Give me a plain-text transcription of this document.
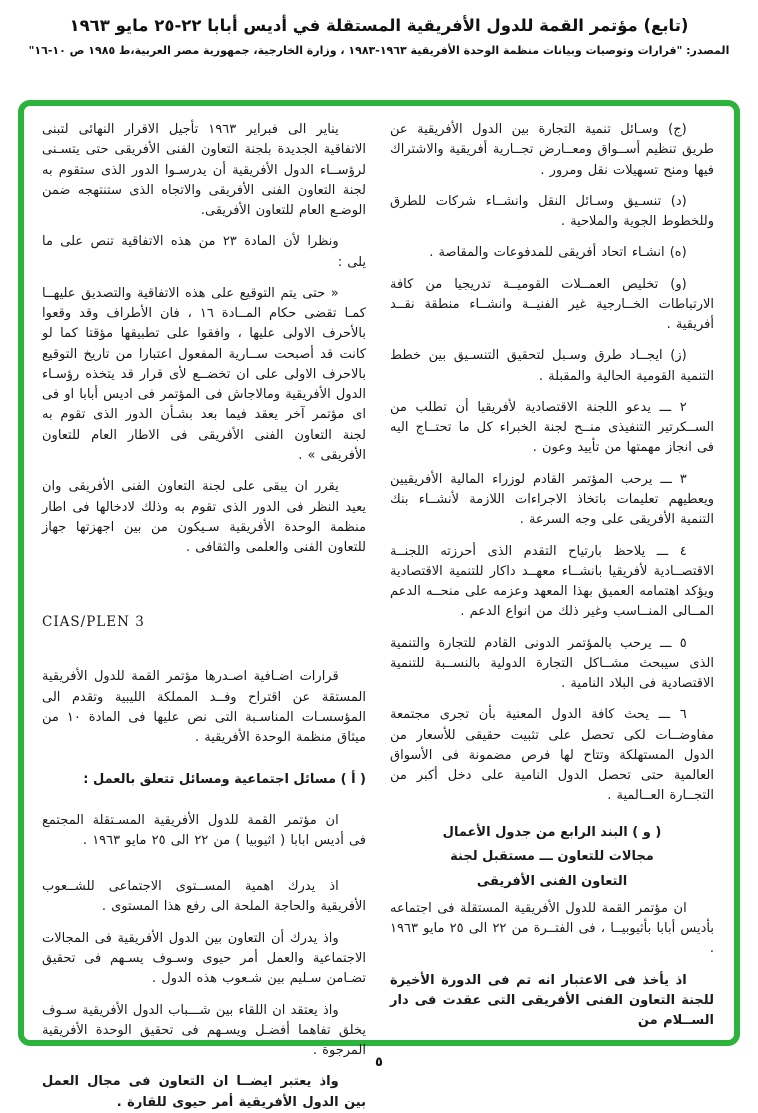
(تابع) مؤتمر القمة للدول الأفريقية المستقلة في أديس أبابا ٢٢-٢٥ مايو ١٩٦٣
المصدر: "قرارات وتوصيات وبيانات منظمة الوحدة الأفريقية ١٩٦٣-١٩٨٣ ، وزارة الخارجية، جمهورية مصر العربية،ط ١٩٨٥ ص ١٠-١٦"

(ج) وسـائل تنمية التجارة بين الدول الأفريقية عن طريق تنظيم أســواق ومعــارض تجــارية أفريقية والاشتراك فيها ومنح تسهيلات نقل ومرور .

(د) تنسـيق وسـائل النقل وانشــاء شركات للطرق وللخطوط الجوية والملاحية .

(ه) انشـاء اتحاد أفريقى للمدفوعات والمقاصة .

(و) تخليص العمــلات القوميــة تدريجيا من كافة الارتباطات الخــارجية غير الفنيــة وانشــاء منطقة نقــد أفريقية .

(ز) ايجــاد طرق وسـبل لتحقيق التنسـيق بين خطط التنمية القومية الحالية والمقبلة .

٢ ـــ يدعو اللجنة الاقتصادية لأفريقيا أن تطلب من الســكرتير التنفيذى منــح لجنة الخبراء كل ما تحتــاج اليه فى انجاز مهمتها من تأييد وعون .

٣ ـــ يرحب المؤتمر القادم لوزراء المالية الأفريقيين ويعطيهم تعليمات باتخاذ الاجراءات اللازمة لأنشــاء بنك التنمية الأفريقى على وجه السرعة .

٤ ـــ يلاحظ بارتياح التقدم الذى أحرزته اللجنــة الاقتصــادية لأفريقيا بانشــاء معهــد داكار للتنمية الاقتصادية ويؤكد اهتمامه العميق بهذا المعهد وعزمه على منحــه الدعم المــالى المنــاسب وغير ذلك من انواع الدعم .

٥ ـــ يرحب بالمؤتمر الدونى القادم للتجارة والتنمية الذى سيبحث مشــاكل التجارة الدولية بالنســبة للتنمية الاقتصادية فى البلاد النامية .

٦ ـــ يحث كافة الدول المعنية بأن تجرى مجتمعة مفاوضــات لكى تحصل على تثبيت حقيقى للأسعار من الدول المستهلكة وتتاح لها فرص مضمونة فى الأسواق العالمية حتى تحصل الدول النامية على دخل أكبر من التجــارة العــالمية .

( و ) البند الرابع من جدول الأعمال
مجالات للتعاون ـــ مستقبل لجنة
التعاون الفنى الأفريقى

ان مؤتمر القمة للدول الأفريقية المستقلة فى اجتماعه بأديس أبابا بأثيوبيــا ، فى الفتــرة من ٢٢ الى ٢٥ مايو ١٩٦٣ .

اذ يأخذ فى الاعتبار انه تم فى الدورة الأخيرة للجنة التعاون الفنى الأفريقى التى عقدت فى دار الســلام من

يناير الى فبراير ١٩٦٣ تأجيل الاقرار النهائى لتبنى الاتفاقية الجديدة بلجنة التعاون الفنى الأفريقى حتى يتسـنى لرؤســاء الدول الأفريقية أن يدرسـوا الدور الذى ستقوم به لجنة التعاون الفنى الأفريقى والاتجاه الذى ستنتهجه ضمن الوضـع العام للتعاون الأفريقى.

ونظرا لأن المادة ٢٣ من هذه الاتفاقية تنص على ما يلى :

« حتى يتم التوقيع على هذه الاتفاقية والتصديق عليهــا كمـا تقضى حكام المــادة ١٦ ، فان الأطراف وقد وقعوا بالأحرف الاولى عليها ، وافقوا على تطبيقها مؤقتا كما لو كانت قد أصبحت ســارية المفعول اعتبارا من تاريخ التوقيع بالاحرف الاولى على ان تخضــع لأى قرار قد يتخذه رؤسـاء الدول الأفريقية ومالاجاش فى المؤتمر فى اديس أبابا او فى اى مؤتمر آخر يعقد فيما بعد بشـأن الدور الذى تقوم به لجنة التعاون الفنى الأفريقى فى الاطار العام للتعاون الأفريقى » .

يقرر ان يبقى على لجنة التعاون الفنى الأفريقى وان يعيد النظر فى الدور الذى تقوم به وذلك لادخالها فى اطار منظمة الوحدة الأفريقية سـيكون من بين اجهزتها جهاز للتعاون الفنى والعلمى والثقافى .

CIAS/PLEN 3

قرارات اضـافية اصـدرها مؤتمر القمة للدول الأفريقية المستقة عن اقتراح وفــد المملكة الليبية وتقدم الى المؤسسـات المناسـبة التى نص عليها فى المادة ١٠ من ميثاق منظمة الوحدة الأفريقية .

( أ ) مسائل اجتماعية ومسائل تتعلق بالعمل :

ان مؤتمر القمة للدول الأفريقية المسـتقلة المجتمع فى أديس ابابا ( اثيوبيا ) من ٢٢ الى ٢٥ مايو ١٩٦٣ .

اذ يدرك اهمية المســتوى الاجتماعى للشــعوب الأفريقية والحاجة الملحة الى رفع هذا المستوى .

واذ يدرك أن التعاون بين الدول الأفريقية فى المجالات الاجتماعية والعمل أمر حيوى وسـوف يسـهم فى تحقيق تضـامن سـليم بين شـعوب هذه الدول .

واذ يعتقد ان اللقاء بين شـــباب الدول الأفريقية سـوف يخلق تفاهما أفضـل ويسـهم فى تحقيق الوحدة الأفريقية المرجوة .

واذ يعتبر ايضــا ان التعاون فى مجال العمل بين الدول الأفريقية أمر حيوى للقارة .

٥
